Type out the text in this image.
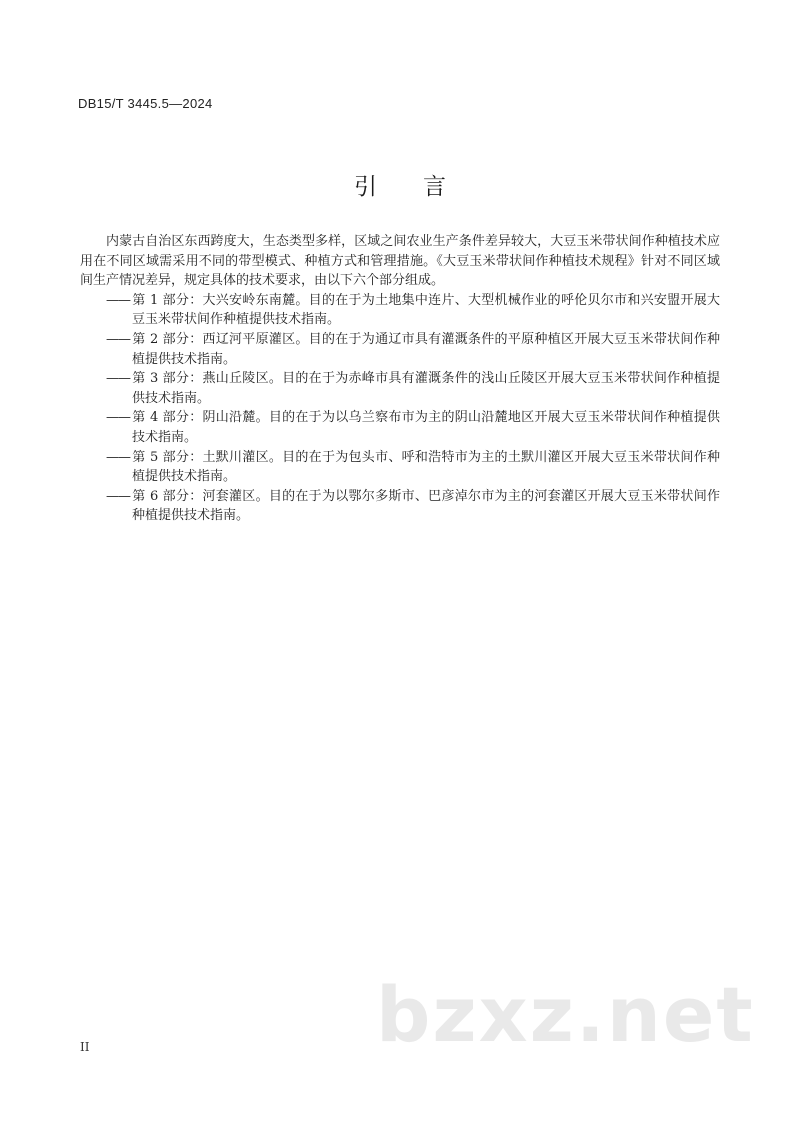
DB15/T 3445.5—2024
引　　言

内蒙古自治区东西跨度大，生态类型多样，区域之间农业生产条件差异较大，大豆玉米带状间作种植技术应用在不同区域需采用不同的带型模式、种植方式和管理措施。《大豆玉米带状间作种植技术规程》针对不同区域间生产情况差异，规定具体的技术要求，由以下六个部分组成。

—— 第 1 部分：大兴安岭东南麓。目的在于为土地集中连片、大型机械作业的呼伦贝尔市和兴安盟开展大豆玉米带状间作种植提供技术指南。

—— 第 2 部分：西辽河平原灌区。目的在于为通辽市具有灌溉条件的平原种植区开展大豆玉米带状间作种植提供技术指南。

—— 第 3 部分：燕山丘陵区。目的在于为赤峰市具有灌溉条件的浅山丘陵区开展大豆玉米带状间作种植提供技术指南。

—— 第 4 部分：阴山沿麓。目的在于为以乌兰察布市为主的阴山沿麓地区开展大豆玉米带状间作种植提供技术指南。

—— 第 5 部分：土默川灌区。目的在于为包头市、呼和浩特市为主的土默川灌区开展大豆玉米带状间作种植提供技术指南。

—— 第 6 部分：河套灌区。目的在于为以鄂尔多斯市、巴彦淖尔市为主的河套灌区开展大豆玉米带状间作种植提供技术指南。

bzxz.net
II
